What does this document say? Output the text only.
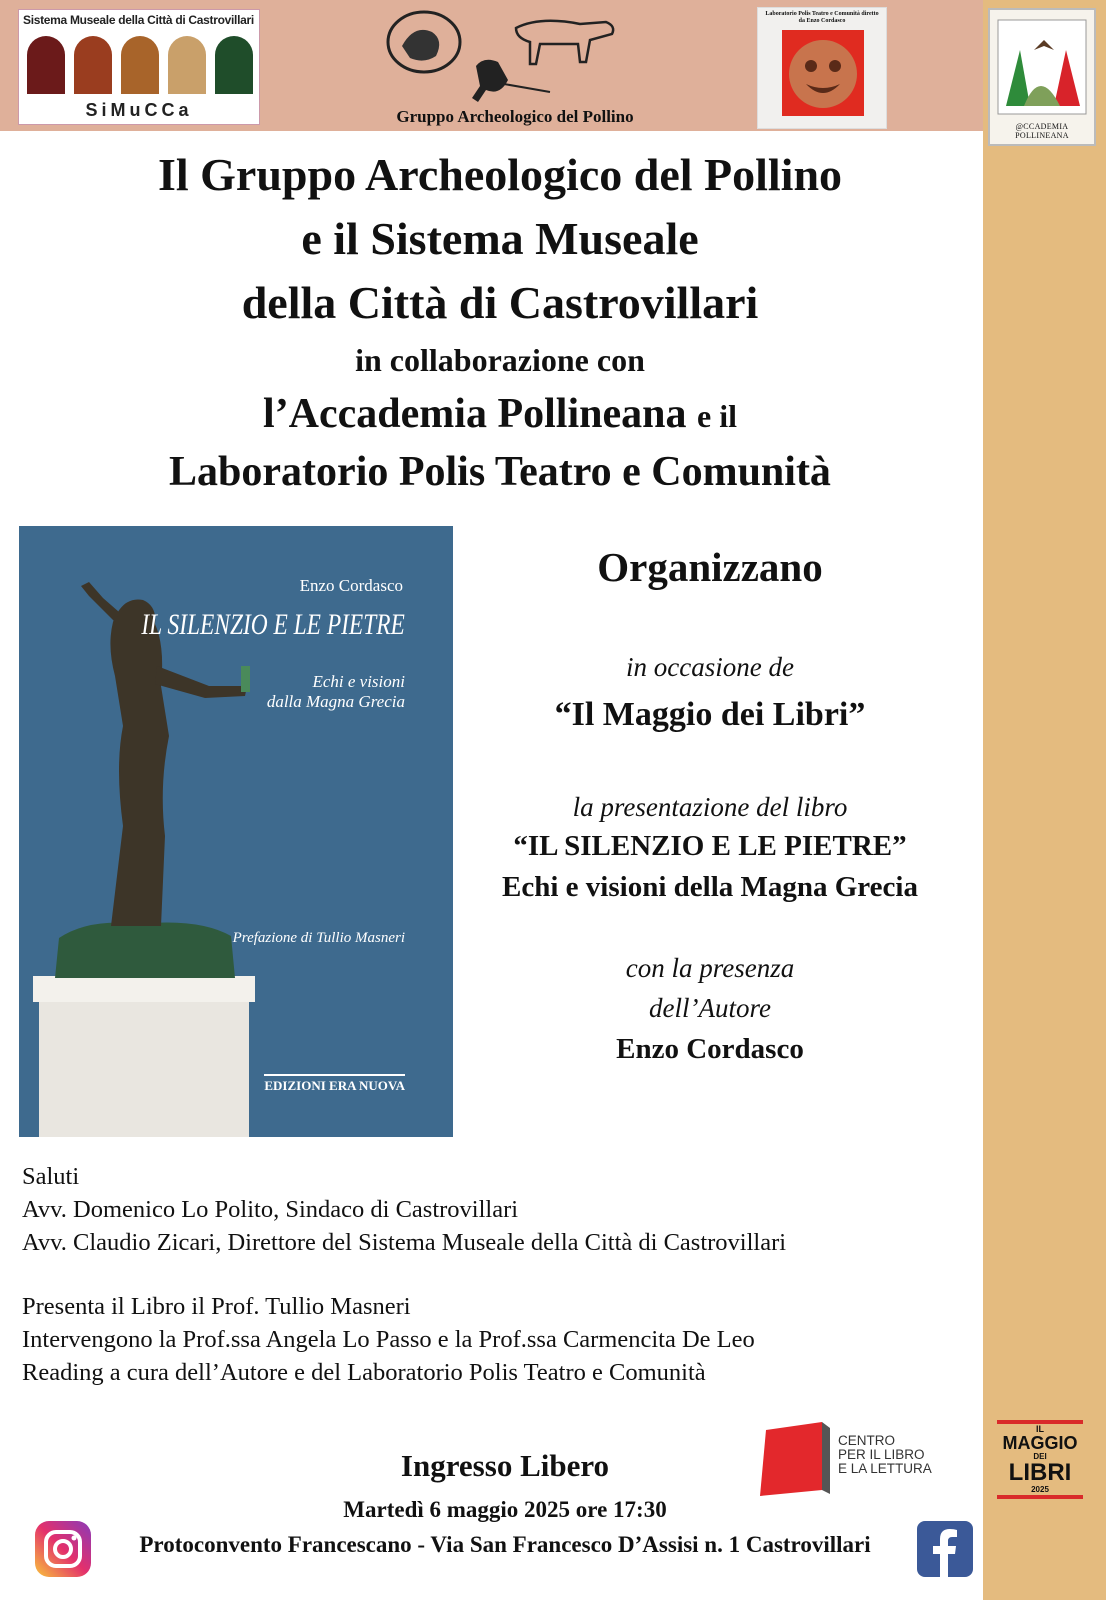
Sistema Museale della Città di Castrovillari
SiMuCCa	Gruppo Archeologico del Pollino
Laboratorio Polis Teatro e Comunità diretto da Enzo Cordasco
@CCADEMIA POLLINEANA
Il Gruppo Archeologico del Pollino
e il Sistema Museale
della Città di Castrovillari
in collaborazione con
l’Accademia Pollineana e il
Laboratorio Polis Teatro e Comunità
Enzo Cordasco
IL SILENZIO E LE PIETRE
Echi e visioni
dalla Magna Grecia
Prefazione di Tullio Masneri
EDIZIONI ERA NUOVA
Organizzano
in occasione de
“Il Maggio dei Libri”
la presentazione del libro
“IL SILENZIO E LE PIETRE”
Echi e visioni della Magna Grecia
con la presenza
dell’Autore
Enzo Cordasco
Saluti
Avv. Domenico Lo Polito, Sindaco di Castrovillari
Avv. Claudio Zicari, Direttore del Sistema Museale della Città di Castrovillari
Presenta il Libro il Prof. Tullio Masneri
Intervengono la Prof.ssa Angela Lo Passo e la Prof.ssa Carmencita De Leo
Reading a cura dell’Autore e del Laboratorio Polis Teatro e Comunità
CENTRO
PER IL LIBRO
E LA LETTURA
Ingresso Libero
Martedì 6 maggio 2025 ore 17:30
Protoconvento Francescano - Via San Francesco D’Assisi n. 1 Castrovillari
IL
MAGGIO
DEI
LIBRI
2025
